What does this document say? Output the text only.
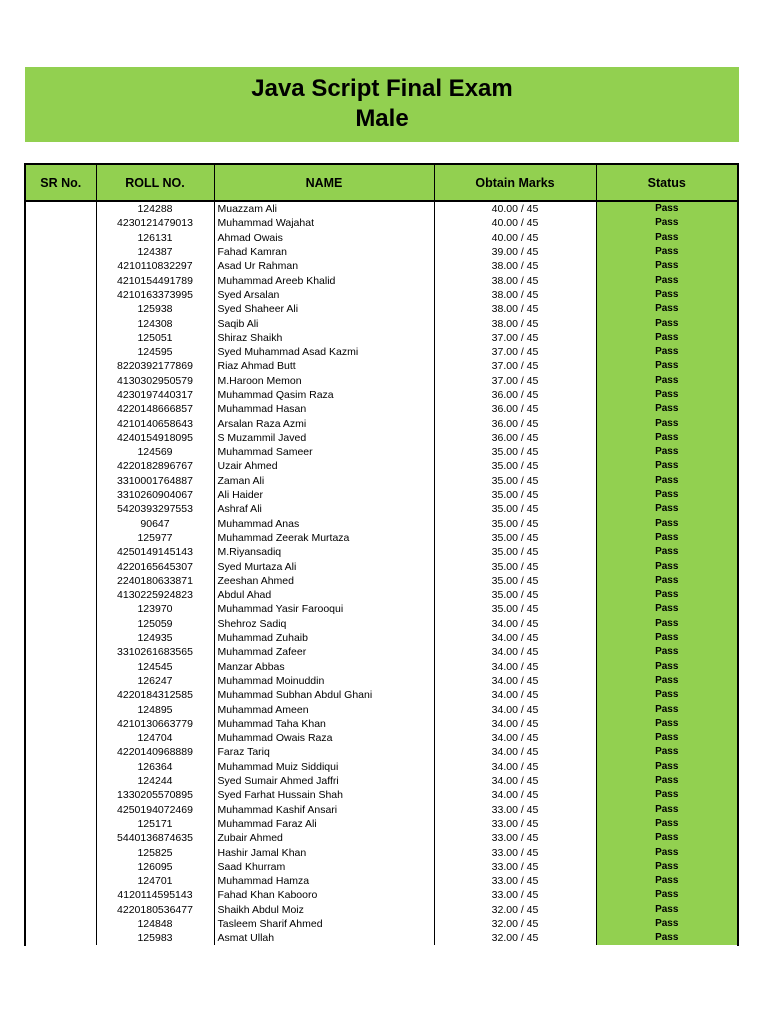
Java Script Final Exam
Male
SR No.	ROLL NO.	NAME	Obtain Marks	Status
	124288	Muazzam Ali	40.00 / 45	Pass
	4230121479013	Muhammad Wajahat	40.00 / 45	Pass
	126131	Ahmad Owais	40.00 / 45	Pass
	124387	Fahad Kamran	39.00 / 45	Pass
	4210110832297	Asad Ur Rahman	38.00 / 45	Pass
	4210154491789	Muhammad Areeb Khalid	38.00 / 45	Pass
	4210163373995	Syed Arsalan	38.00 / 45	Pass
	125938	Syed Shaheer Ali	38.00 / 45	Pass
	124308	Saqib Ali	38.00 / 45	Pass
	125051	Shiraz Shaikh	37.00 / 45	Pass
	124595	Syed Muhammad Asad Kazmi	37.00 / 45	Pass
	8220392177869	Riaz Ahmad Butt	37.00 / 45	Pass
	4130302950579	M.Haroon Memon	37.00 / 45	Pass
	4230197440317	Muhammad Qasim Raza	36.00 / 45	Pass
	4220148666857	Muhammad Hasan	36.00 / 45	Pass
	4210140658643	Arsalan Raza Azmi	36.00 / 45	Pass
	4240154918095	S Muzammil Javed	36.00 / 45	Pass
	124569	Muhammad Sameer	35.00 / 45	Pass
	4220182896767	Uzair Ahmed	35.00 / 45	Pass
	3310001764887	Zaman Ali	35.00 / 45	Pass
	3310260904067	Ali Haider	35.00 / 45	Pass
	5420393297553	Ashraf Ali	35.00 / 45	Pass
	90647	Muhammad Anas	35.00 / 45	Pass
	125977	Muhammad Zeerak Murtaza	35.00 / 45	Pass
	4250149145143	M.Riyansadiq	35.00 / 45	Pass
	4220165645307	Syed Murtaza Ali	35.00 / 45	Pass
	2240180633871	Zeeshan Ahmed	35.00 / 45	Pass
	4130225924823	Abdul Ahad	35.00 / 45	Pass
	123970	Muhammad Yasir Farooqui	35.00 / 45	Pass
	125059	Shehroz Sadiq	34.00 / 45	Pass
	124935	Muhammad Zuhaib	34.00 / 45	Pass
	3310261683565	Muhammad Zafeer	34.00 / 45	Pass
	124545	Manzar Abbas	34.00 / 45	Pass
	126247	Muhammad Moinuddin	34.00 / 45	Pass
	4220184312585	Muhammad Subhan Abdul Ghani	34.00 / 45	Pass
	124895	Muhammad Ameen	34.00 / 45	Pass
	4210130663779	Muhammad Taha Khan	34.00 / 45	Pass
	124704	Muhammad Owais Raza	34.00 / 45	Pass
	4220140968889	Faraz Tariq	34.00 / 45	Pass
	126364	Muhammad Muiz Siddiqui	34.00 / 45	Pass
	124244	Syed Sumair Ahmed Jaffri	34.00 / 45	Pass
	1330205570895	Syed Farhat Hussain Shah	34.00 / 45	Pass
	4250194072469	Muhammad Kashif Ansari	33.00 / 45	Pass
	125171	Muhammad Faraz Ali	33.00 / 45	Pass
	5440136874635	Zubair Ahmed	33.00 / 45	Pass
	125825	Hashir Jamal Khan	33.00 / 45	Pass
	126095	Saad Khurram	33.00 / 45	Pass
	124701	Muhammad Hamza	33.00 / 45	Pass
	4120114595143	Fahad Khan Kabooro	33.00 / 45	Pass
	4220180536477	Shaikh Abdul Moiz	32.00 / 45	Pass
	124848	Tasleem Sharif Ahmed	32.00 / 45	Pass
	125983	Asmat Ullah	32.00 / 45	Pass
